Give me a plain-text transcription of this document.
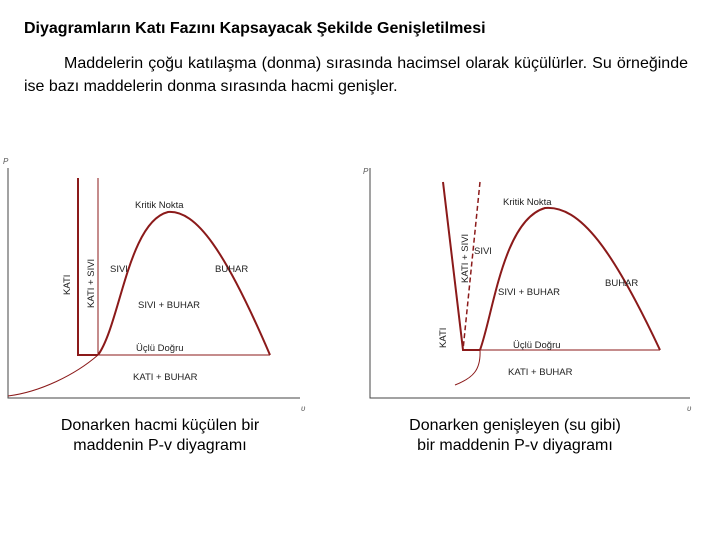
Diyagramların Katı Fazını Kapsayacak Şekilde Genişletilmesi

Maddelerin çoğu katılaşma (donma) sırasında hacimsel olarak küçülürler. Su örneğinde ise bazı maddelerin donma sırasında hacmi genişler.

P
υ
Kritik Nokta
KATI KATI + SIVI SIVI	BUHAR
SIVI + BUHAR
Üçlü Doğru
KATI + BUHAR
P
υ
Kritik Nokta
KATI
KATI + SIVI SIVI
BUHAR
SIVI + BUHAR
Üçlü Doğru
KATI + BUHAR
Donarken hacmi küçülen bir
maddenin P-v diyagramı
Donarken genişleyen (su gibi)
bir maddenin P-v diyagramı
